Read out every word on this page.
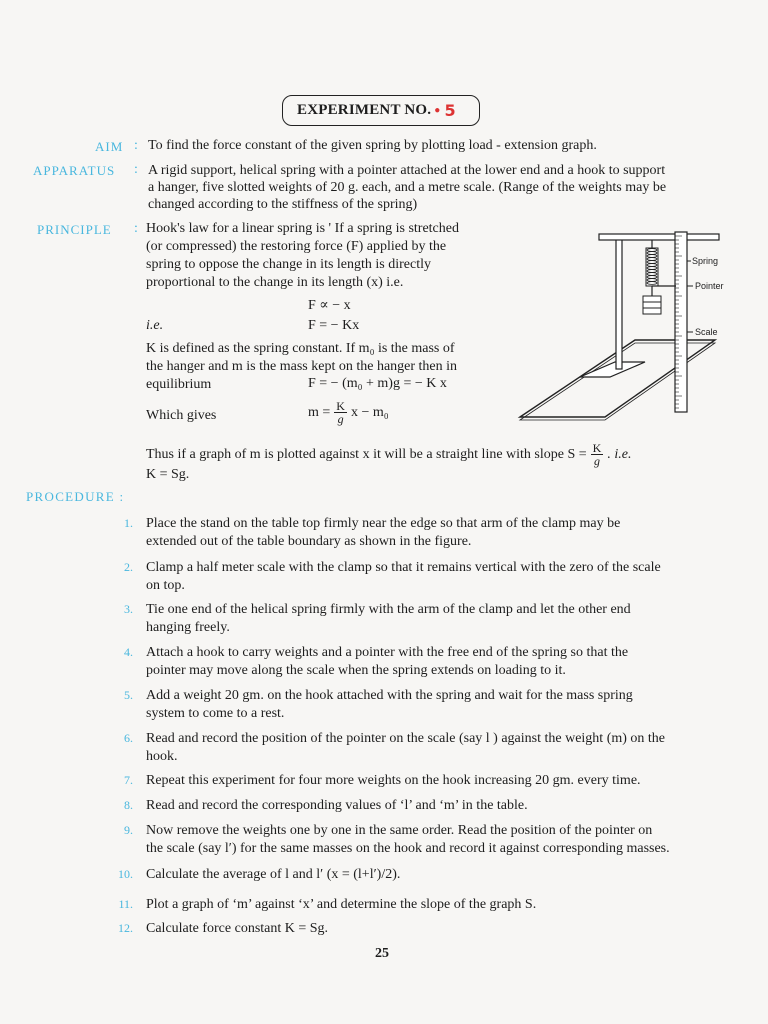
EXPERIMENT NO. ● 5
AIM : To find the force constant of the given spring by plotting load - extension graph.
APPARATUS : A rigid support, helical spring with a pointer attached at the lower end and a hook to support
a hanger, five slotted weights of 20 g. each, and a metre scale. (Range of the weights may be
changed according to the stiffness of the spring)
PRINCIPLE : Hook's law for a linear spring is ' If a spring is stretched
(or compressed) the restoring force (F) applied by the
spring to oppose the change in its length is directly
proportional to the change in its length (x) i.e.
F ∝ − x
i.e.	F = − Kx
K is defined as the spring constant. If m₀ is the mass of
the hanger and m is the mass kept on the hanger then in
equilibrium	F = − (m₀ + m)g = − K x
Which gives	$m = \frac{K}{g}$ x − m₀
Thus if a graph of m is plotted against x it will be a straight line with slope $S = \frac{K}{g}$ . i.e.
K = Sg.
Spring
Pointer
Scale
PROCEDURE :
1. Place the stand on the table top firmly near the edge so that arm of the clamp may be
extended out of the table boundary as shown in the figure.
2. Clamp a half meter scale with the clamp so that it remains vertical with the zero of the scale
on top.
3. Tie one end of the helical spring firmly with the arm of the clamp and let the other end
hanging freely.
4. Attach a hook to carry weights and a pointer with the free end of the spring so that the
pointer may move along the scale when the spring extends on loading to it.
5. Add a weight 20 gm. on the hook attached with the spring and wait for the mass spring
system to come to a rest.
6. Read and record the position of the pointer on the scale (say l ) against the weight (m) on the
hook.
7. Repeat this experiment for four more weights on the hook increasing 20 gm. every time.
8. Read and record the corresponding values of ‘l’ and ‘m’ in the table.
9. Now remove the weights one by one in the same order. Read the position of the pointer on
the scale (say l′) for the same masses on the hook and record it against corresponding masses.
10. Calculate the average of l and l′ (x = (l+l′)/2).
11. Plot a graph of ‘m’ against ‘x’ and determine the slope of the graph S.
12. Calculate force constant K = Sg.
25
